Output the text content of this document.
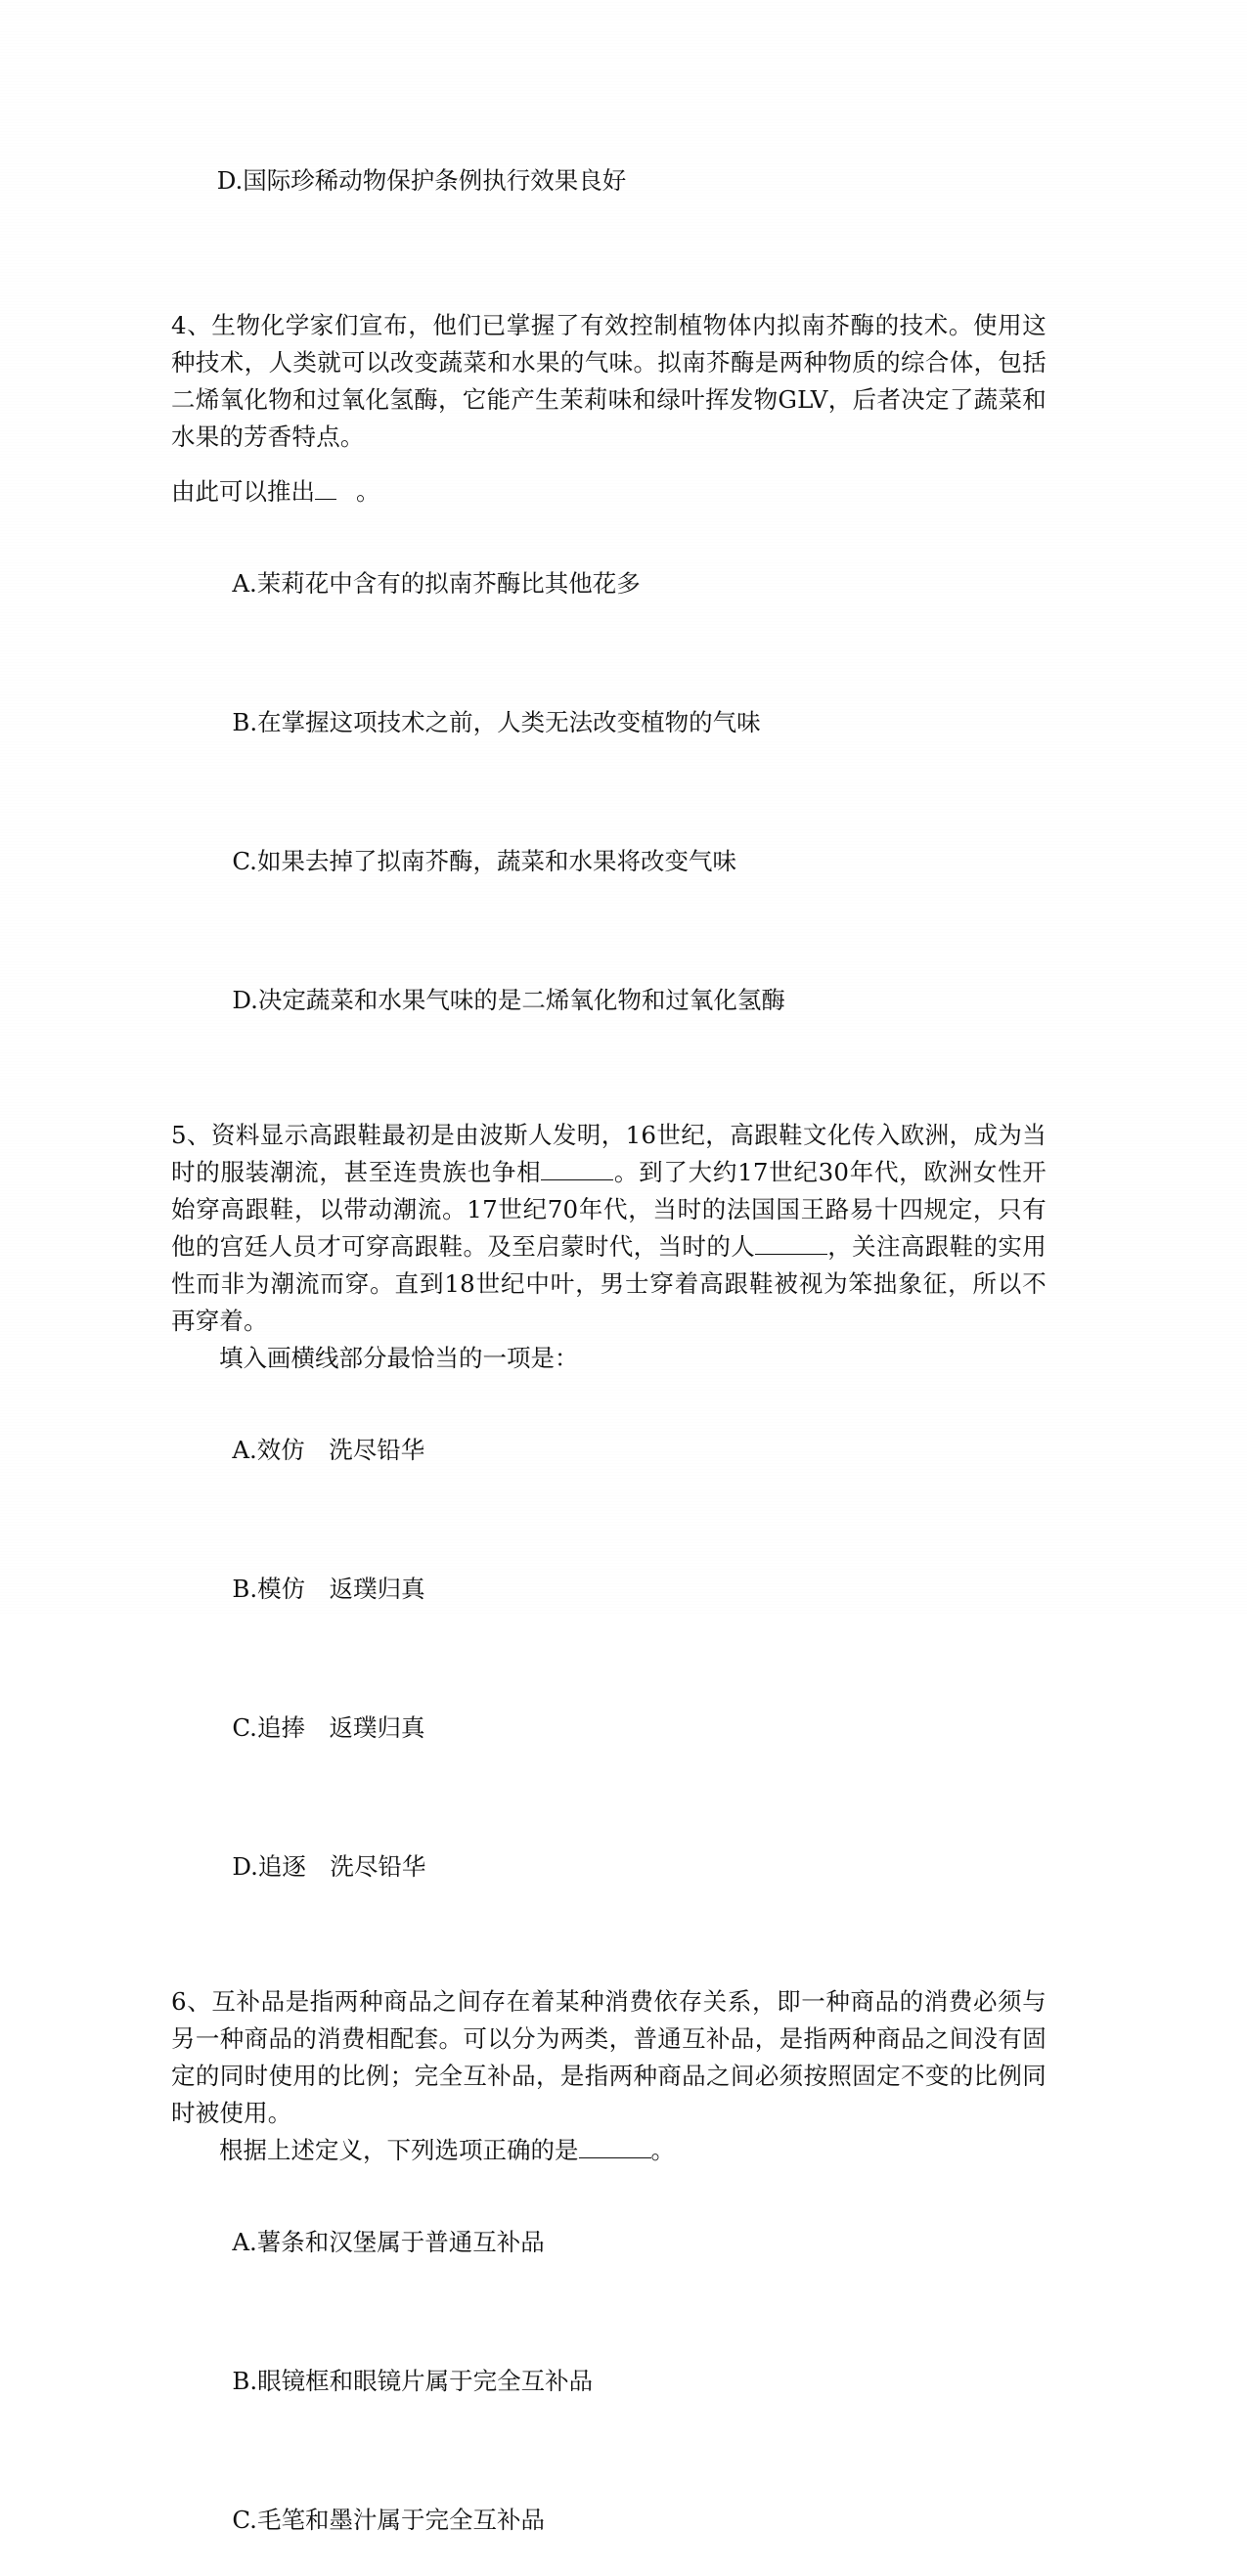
D.国际珍稀动物保护条例执行效果良好

4、生物化学家们宣布，他们已掌握了有效控制植物体内拟南芥酶的技术。使用这种技术，人类就可以改变蔬菜和水果的气味。拟南芥酶是两种物质的综合体，包括二烯氧化物和过氧化氢酶，它能产生茉莉味和绿叶挥发物GLV，后者决定了蔬菜和水果的芳香特点。
由此可以推出 。

A.茉莉花中含有的拟南芥酶比其他花多

B.在掌握这项技术之前，人类无法改变植物的气味

C.如果去掉了拟南芥酶，蔬菜和水果将改变气味

D.决定蔬菜和水果气味的是二烯氧化物和过氧化氢酶

5、资料显示高跟鞋最初是由波斯人发明，16世纪，高跟鞋文化传入欧洲，成为当时的服装潮流，甚至连贵族也争相	。到了大约17世纪30年代，欧洲女性开始穿高跟鞋，以带动潮流。17世纪70年代，当时的法国国王路易十四规定，只有他的宫廷人员才可穿高跟鞋。及至启蒙时代，当时的人	，关注高跟鞋的实用性而非为潮流而穿。直到18世纪中叶，男士穿着高跟鞋被视为笨拙象征，所以不再穿着。
填入画横线部分最恰当的一项是：

A.效仿　洗尽铅华

B.模仿　返璞归真

C.追捧　返璞归真

D.追逐　洗尽铅华

6、互补品是指两种商品之间存在着某种消费依存关系，即一种商品的消费必须与另一种商品的消费相配套。可以分为两类，普通互补品，是指两种商品之间没有固定的同时使用的比例；完全互补品，是指两种商品之间必须按照固定不变的比例同时被使用。
根据上述定义，下列选项正确的是	。

A.薯条和汉堡属于普通互补品

B.眼镜框和眼镜片属于完全互补品

C.毛笔和墨汁属于完全互补品
